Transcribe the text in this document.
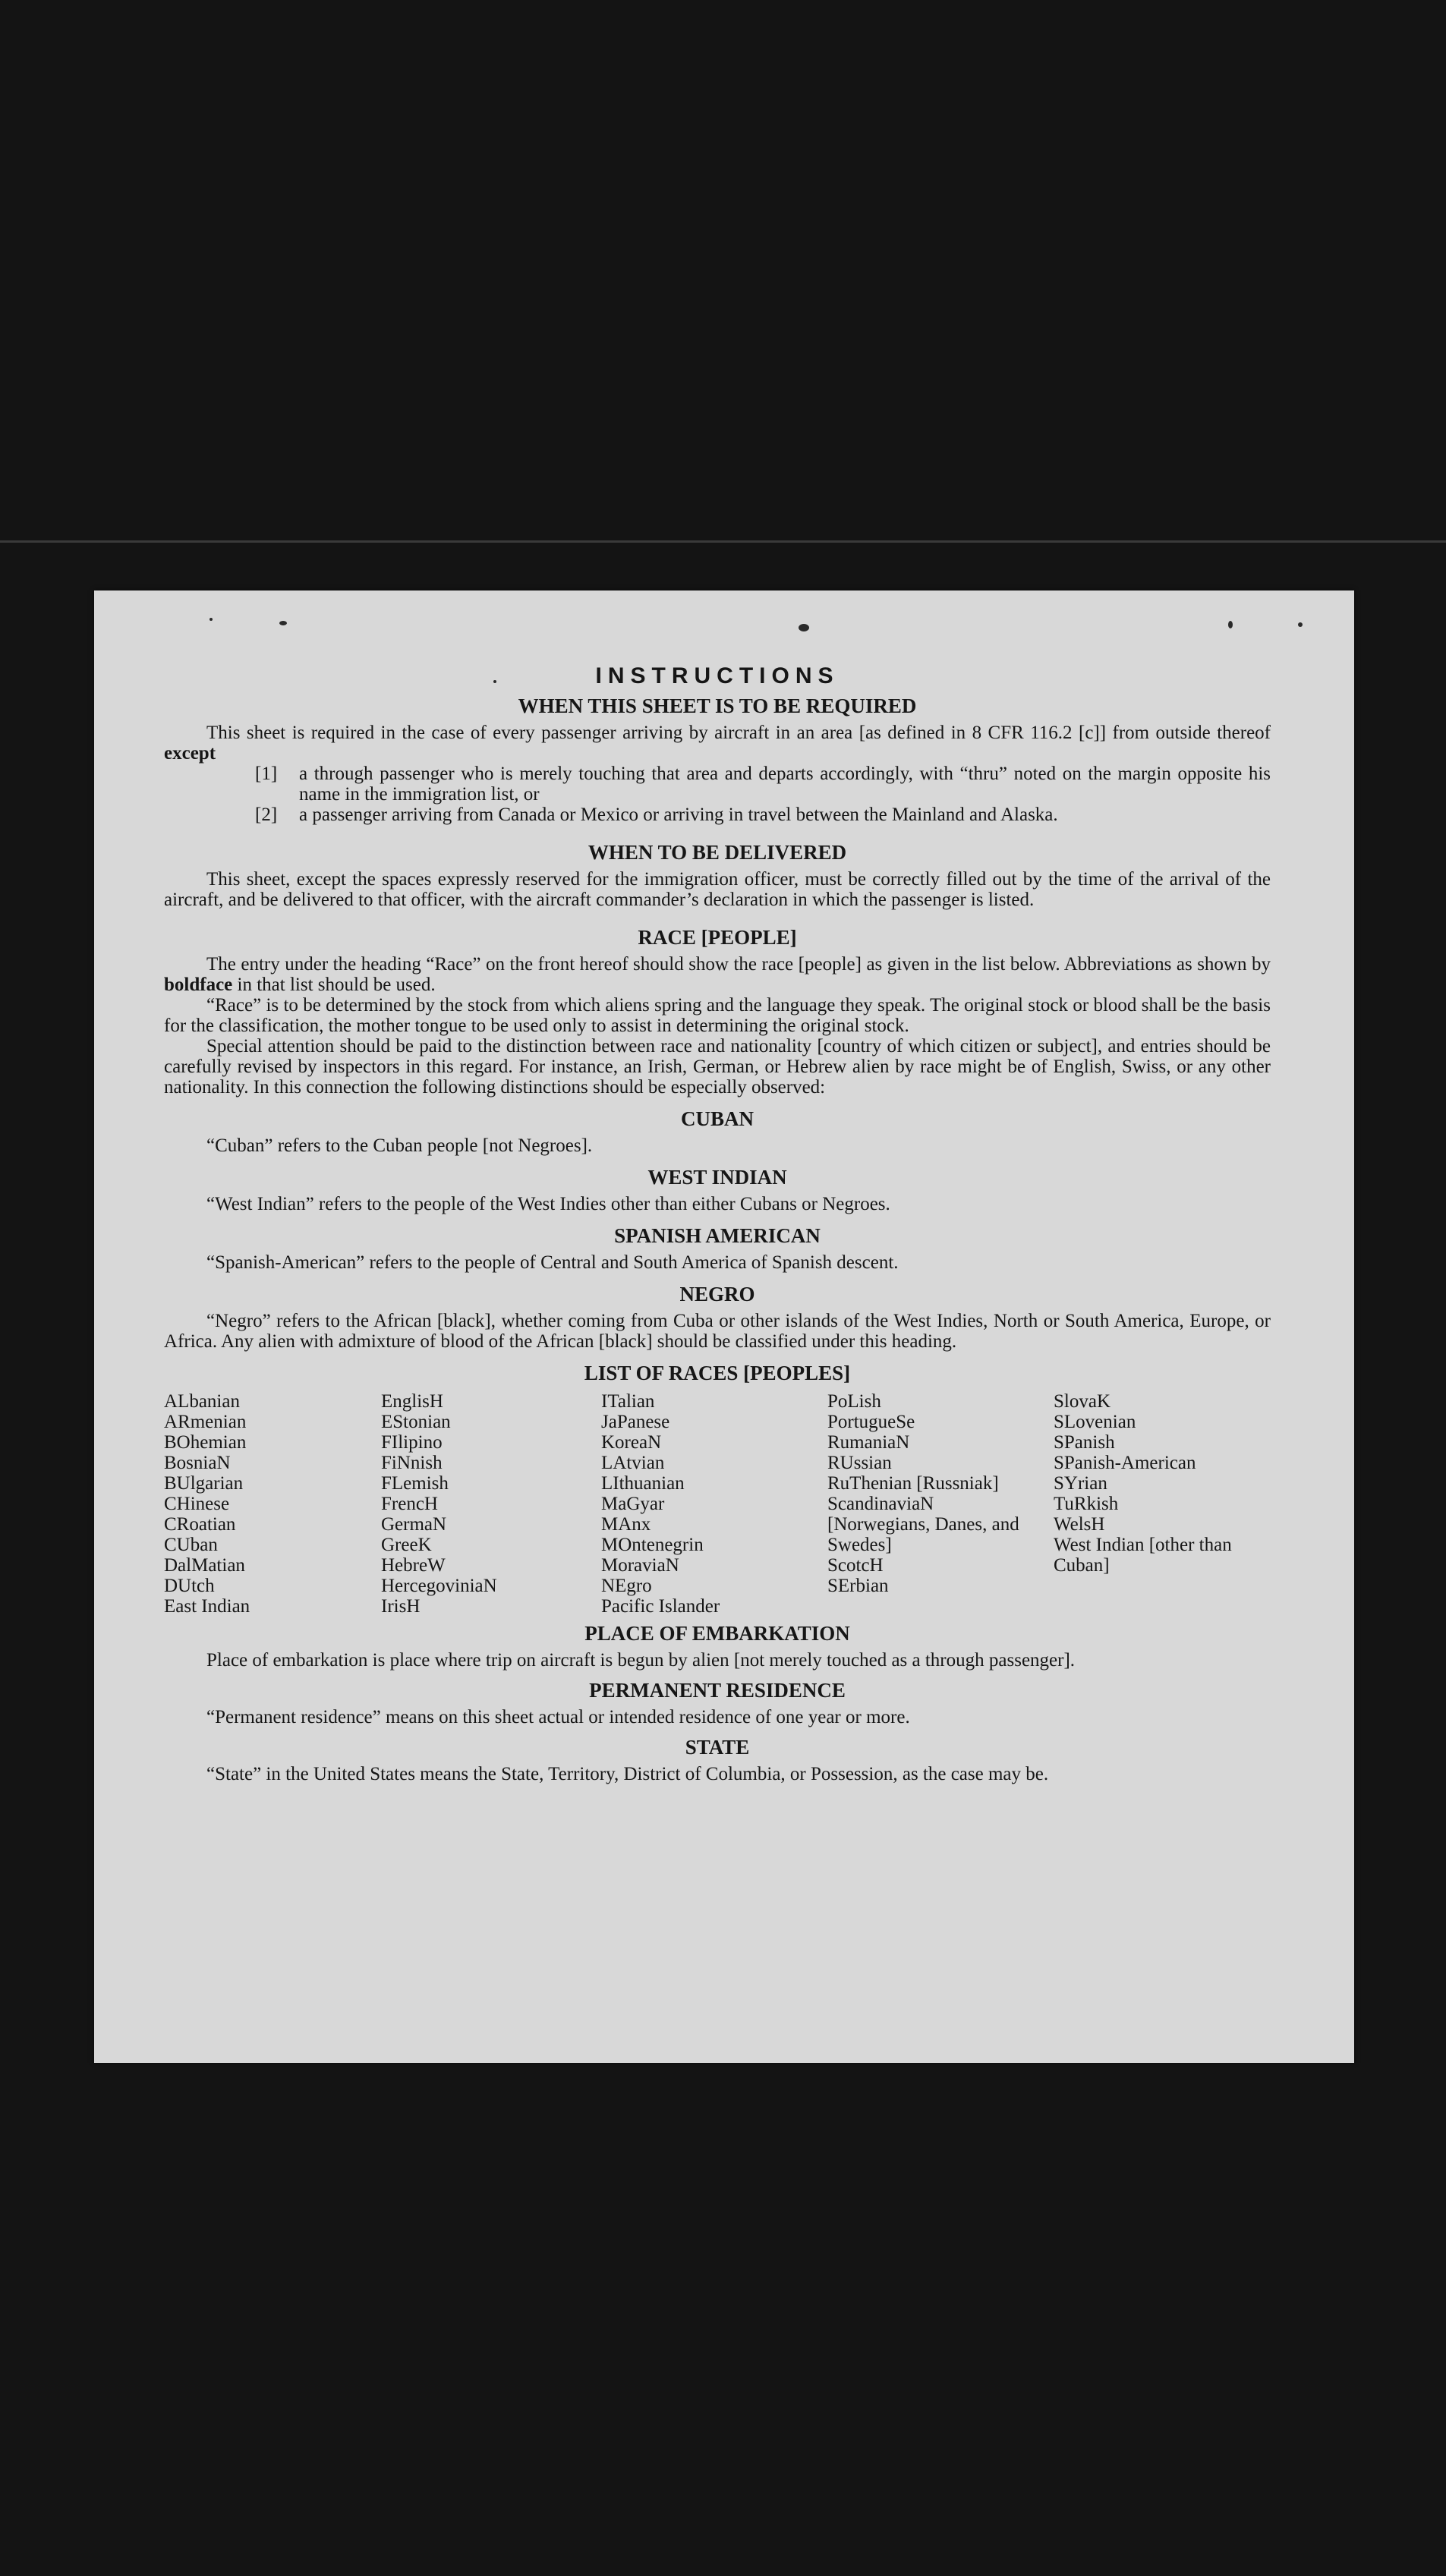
INSTRUCTIONS
WHEN THIS SHEET IS TO BE REQUIRED

This sheet is required in the case of every passenger arriving by aircraft in an area [as defined in 8 CFR 116.2 [c]] from outside thereof except

[1]	a through passenger who is merely touching that area and departs accordingly, with “thru” noted on the margin opposite his name in the immigration list, or
[2]	a passenger arriving from Canada or Mexico or arriving in travel between the Mainland and Alaska.
WHEN TO BE DELIVERED

This sheet, except the spaces expressly reserved for the immigration officer, must be correctly filled out by the time of the arrival of the aircraft, and be delivered to that officer, with the aircraft commander’s declaration in which the passenger is listed.

RACE [PEOPLE]

The entry under the heading “Race” on the front hereof should show the race [people] as given in the list below. Abbreviations as shown by boldface in that list should be used.

“Race” is to be determined by the stock from which aliens spring and the language they speak. The original stock or blood shall be the basis for the classification, the mother tongue to be used only to assist in determining the original stock.

Special attention should be paid to the distinction between race and nationality [country of which citizen or subject], and entries should be carefully revised by inspectors in this regard. For instance, an Irish, German, or Hebrew alien by race might be of English, Swiss, or any other nationality. In this connection the following distinctions should be especially observed:

CUBAN

“Cuban” refers to the Cuban people [not Negroes].

WEST INDIAN

“West Indian” refers to the people of the West Indies other than either Cubans or Negroes.

SPANISH AMERICAN

“Spanish-American” refers to the people of Central and South America of Spanish descent.

NEGRO

“Negro” refers to the African [black], whether coming from Cuba or other islands of the West Indies, North or South America, Europe, or Africa. Any alien with admixture of blood of the African [black] should be classified under this heading.

LIST OF RACES [PEOPLES]
ALbanian
ARmenian
BOhemian
BosniaN
BUlgarian
CHinese
CRoatian
CUban
DalMatian
DUtch
East Indian
EnglisH
EStonian
FIlipino
FiNnish
FLemish
FrencH
GermaN
GreeK
HebreW
HercegoviniaN
IrisH
ITalian
JaPanese
KoreaN
LAtvian
LIthuanian
MaGyar
MAnx
MOntenegrin
MoraviaN
NEgro
Pacific Islander
PoLish
PortugueSe
RumaniaN
RUssian
RuThenian [Russniak]
ScandinaviaN [Norwegians, Danes, and Swedes]
ScotcH
SErbian
SlovaK
SLovenian
SPanish
SPanish-American
SYrian
TuRkish
WelsH
West Indian [other than Cuban]
PLACE OF EMBARKATION

Place of embarkation is place where trip on aircraft is begun by alien [not merely touched as a through passenger].

PERMANENT RESIDENCE

“Permanent residence” means on this sheet actual or intended residence of one year or more.

STATE

“State” in the United States means the State, Territory, District of Columbia, or Possession, as the case may be.
